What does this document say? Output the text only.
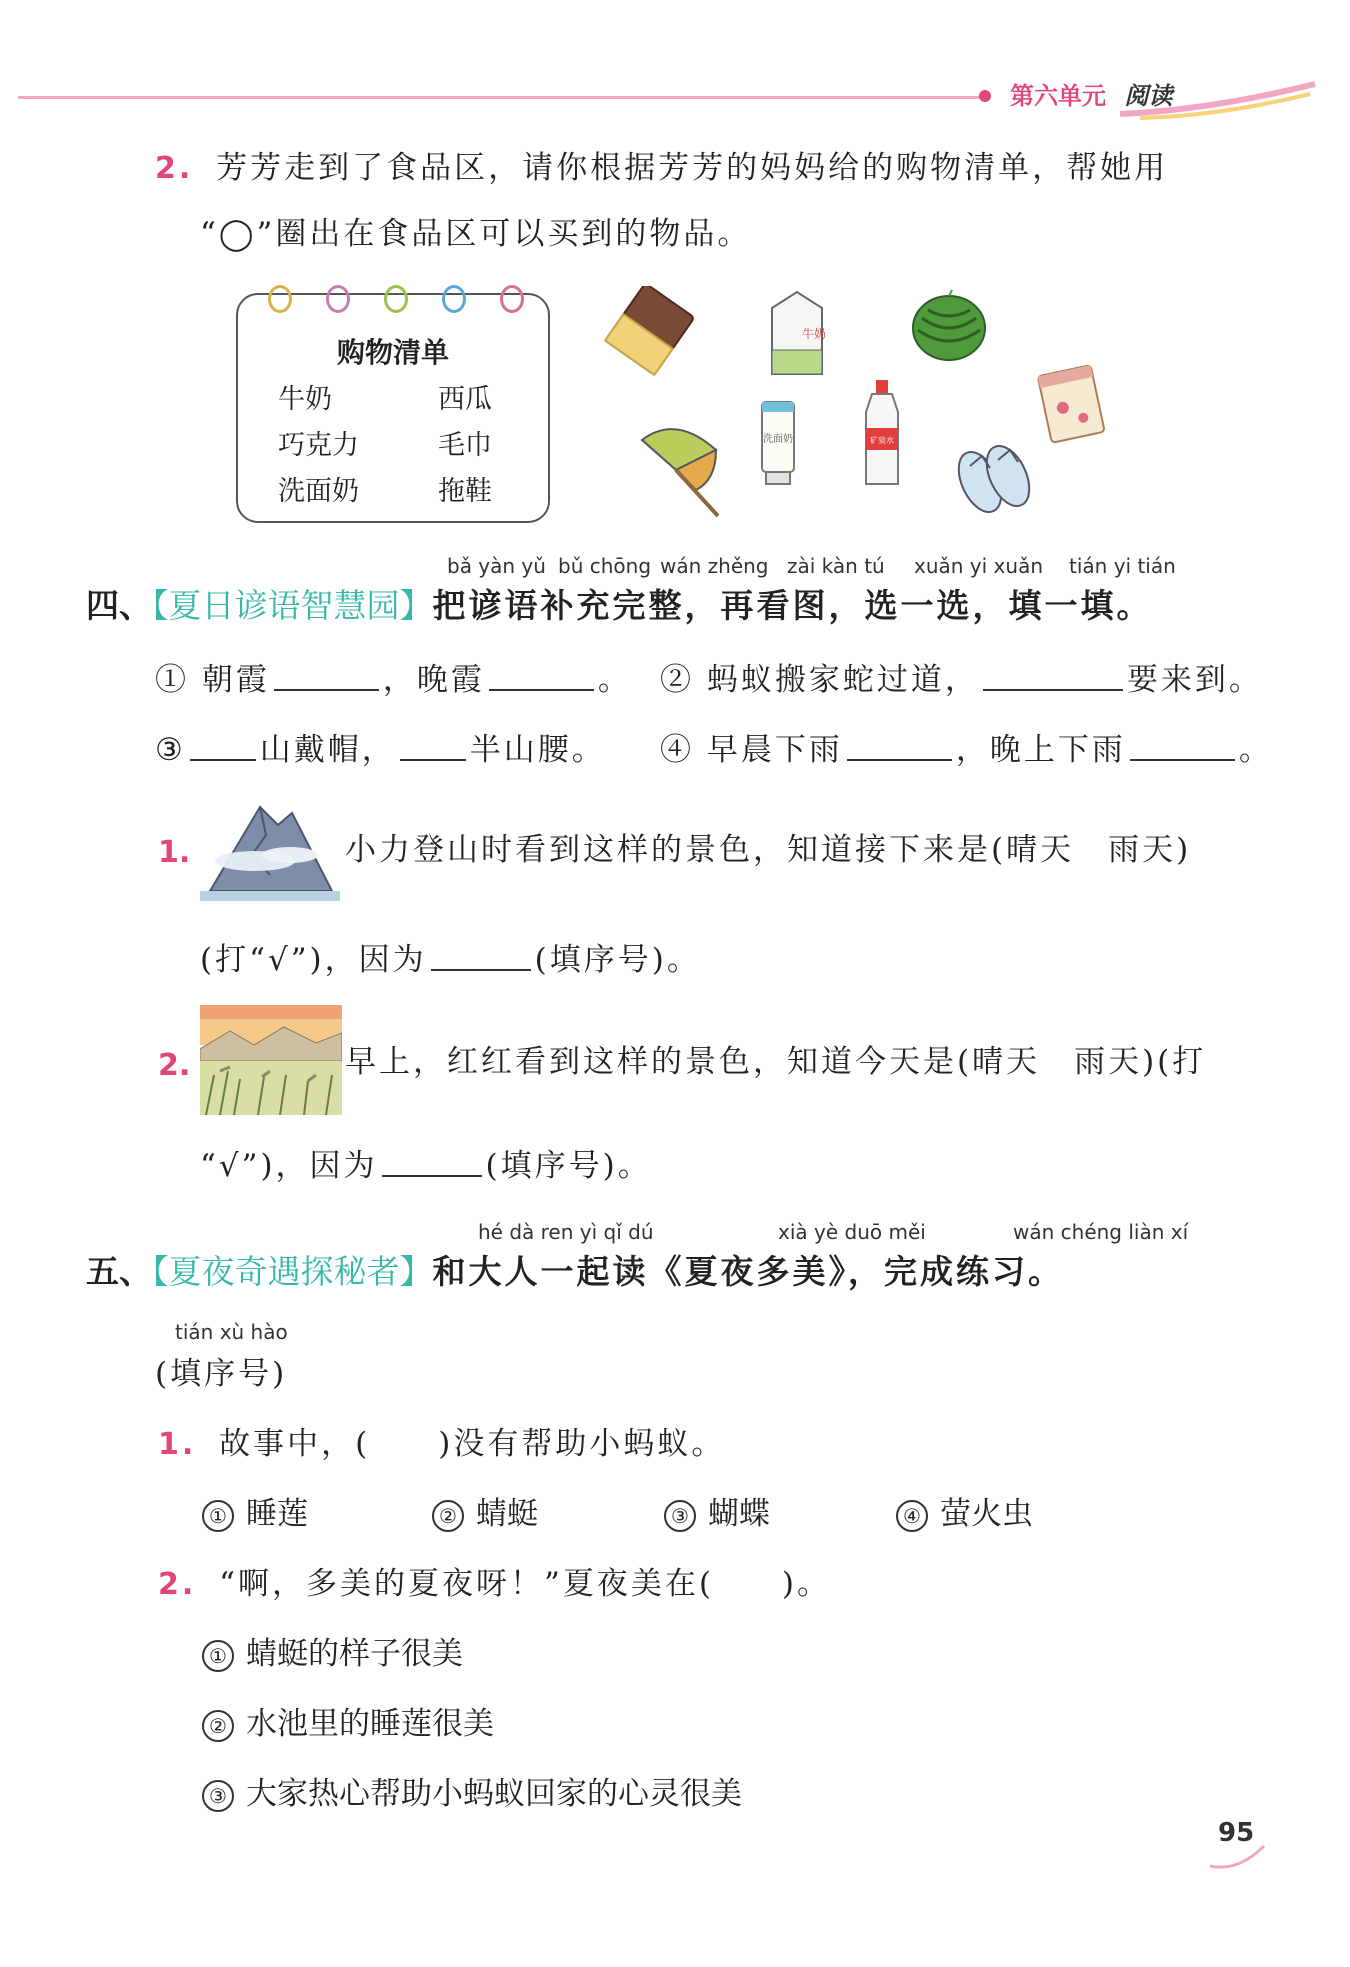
第六单元 阅读
2. 芳芳走到了食品区，请你根据芳芳的妈妈给的购物清单，帮她用
“◯”圈出在食品区可以买到的物品。
购物清单
牛奶	西瓜
巧克力	毛巾
洗面奶	拖鞋
牛奶
洗面奶	矿泉水
bǎ yàn yǔ bǔ chōng wán zhěng zài kàn tú xuǎn yi xuǎn tián yi tián
四、【夏日谚语智慧园】把谚语补充完整，再看图，选一选，填一填。
① 朝霞	，晚霞	。 ② 蚂蚁搬家蛇过道，	要来到。
③ 山戴帽， 半山腰。 ④ 早晨下雨	，晚上下雨	。
1.	小力登山时看到这样的景色，知道接下来是(晴天　雨天)
(打“√”)，因为	(填序号)。
2.	早上，红红看到这样的景色，知道今天是(晴天　雨天)(打
“√”)，因为	(填序号)。
hé dà ren yì qǐ dú	xià yè duō měi	wán chéng liàn xí
五、【夏夜奇遇探秘者】和大人一起读《夏夜多美》，完成练习。
tián xù hào
(填序号)
1. 故事中，(　　)没有帮助小蚂蚁。
① 睡莲	② 蜻蜓	③ 蝴蝶	④ 萤火虫
2. “啊，多美的夏夜呀！”夏夜美在(　　)。
① 蜻蜓的样子很美
② 水池里的睡莲很美
③ 大家热心帮助小蚂蚁回家的心灵很美
95
